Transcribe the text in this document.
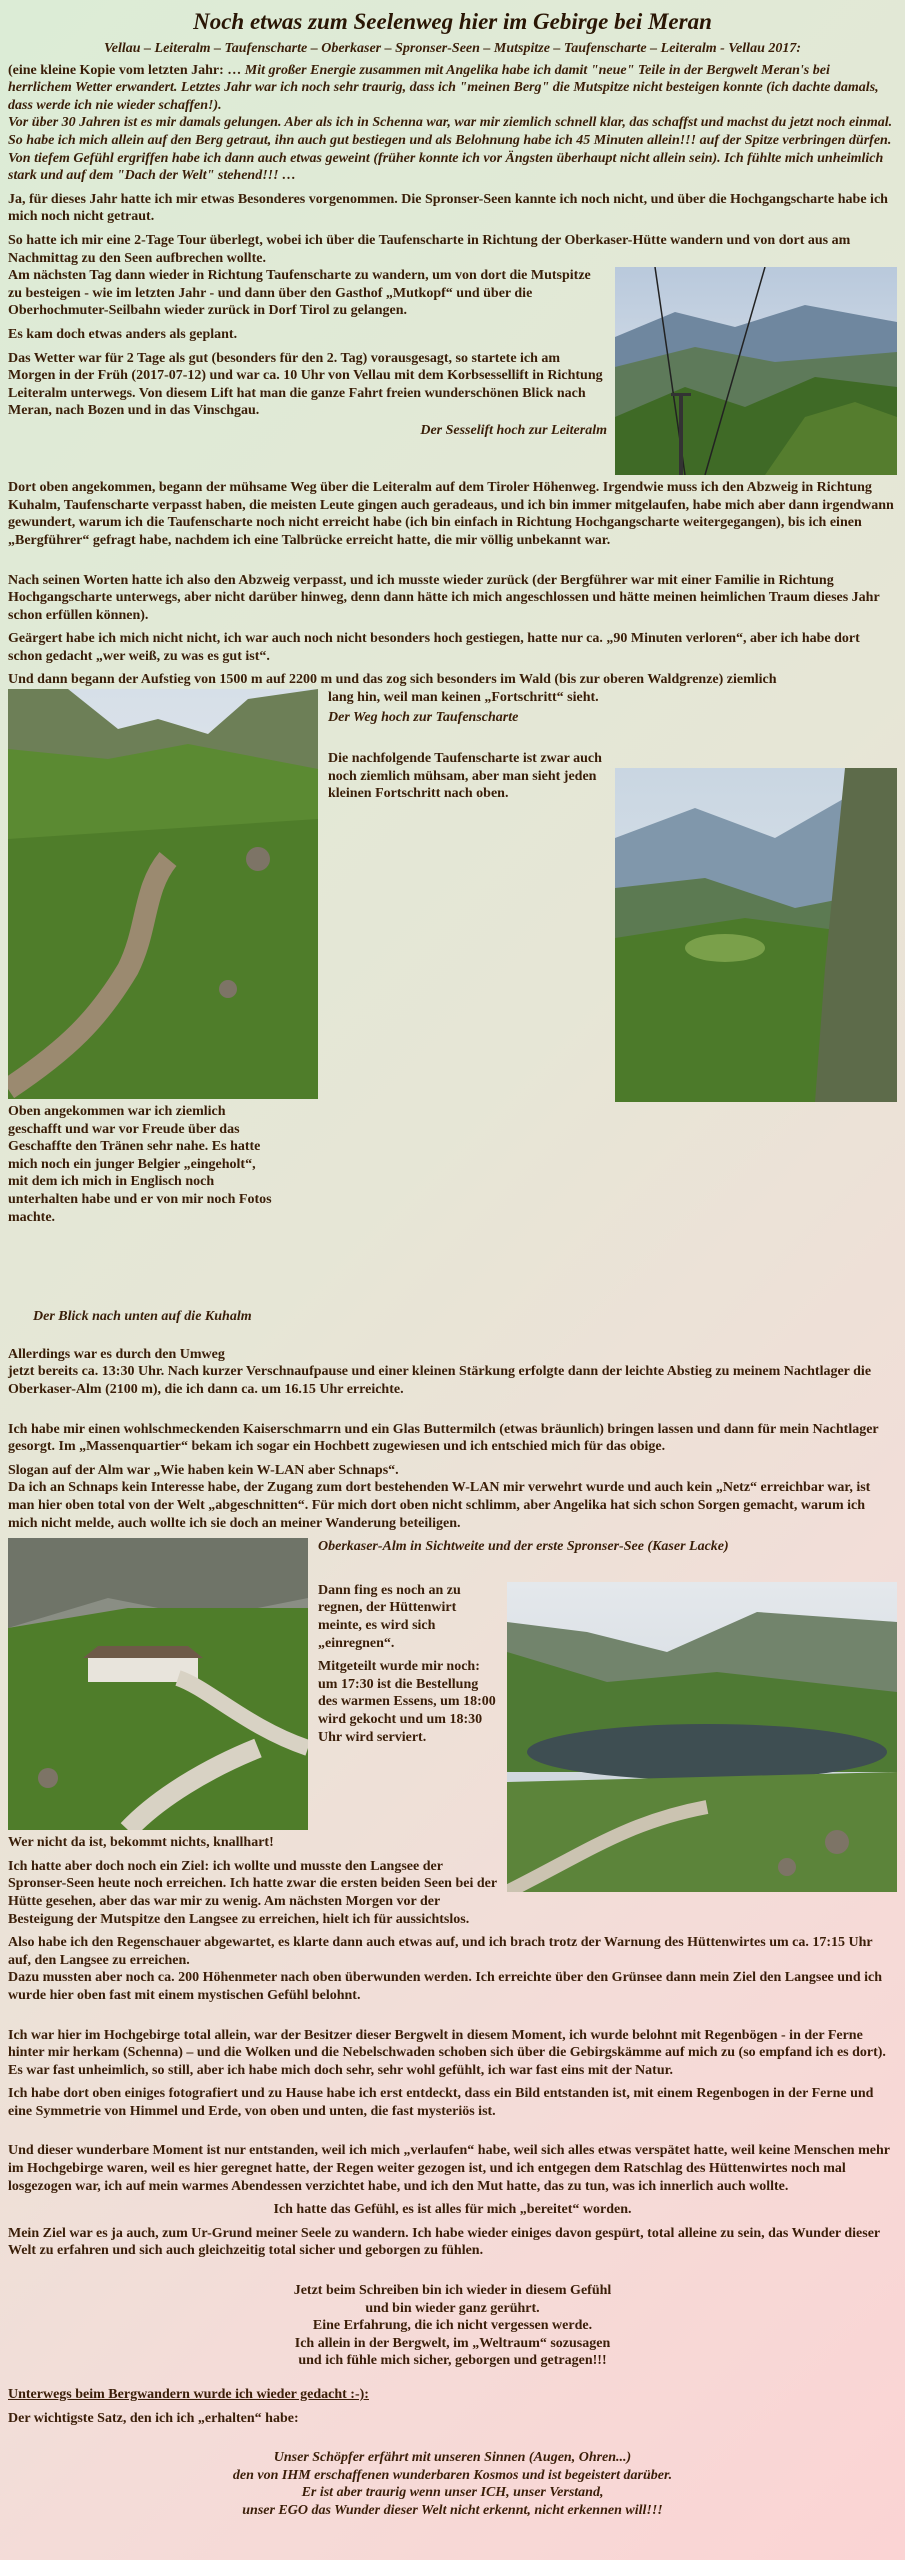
Noch etwas zum Seelenweg hier im Gebirge bei Meran
Vellau – Leiteralm – Taufenscharte – Oberkaser – Spronser-Seen – Mutspitze – Taufenscharte – Leiteralm - Vellau 2017:

(eine kleine Kopie vom letzten Jahr: … Mit großer Energie zusammen mit Angelika habe ich damit "neue" Teile in der Bergwelt Meran's bei herrlichem Wetter erwandert. Letztes Jahr war ich noch sehr traurig, dass ich "meinen Berg" die Mutspitze nicht besteigen konnte (ich dachte damals, dass werde ich nie wieder schaffen!).
Vor über 30 Jahren ist es mir damals gelungen. Aber als ich in Schenna war, war mir ziemlich schnell klar, das schaffst und machst du jetzt noch einmal.
So habe ich mich allein auf den Berg getraut, ihn auch gut bestiegen und als Belohnung habe ich 45 Minuten allein!!! auf der Spitze verbringen dürfen. Von tiefem Gefühl ergriffen habe ich dann auch etwas geweint (früher konnte ich vor Ängsten überhaupt nicht allein sein). Ich fühlte mich unheimlich stark und auf dem "Dach der Welt" stehend!!! …

Ja, für dieses Jahr hatte ich mir etwas Besonderes vorgenommen. Die Spronser-Seen kannte ich noch nicht, und über die Hochgangscharte habe ich mich noch nicht getraut.

So hatte ich mir eine 2-Tage Tour überlegt, wobei ich über die Taufenscharte in Richtung der Oberkaser-Hütte wandern und von dort aus am Nachmittag zu den Seen aufbrechen wollte.

Am nächsten Tag dann wieder in Richtung Taufenscharte zu wandern, um von dort die Mutspitze zu besteigen - wie im letzten Jahr - und dann über den Gasthof „Mutkopf“ und über die Oberhochmuter-Seilbahn wieder zurück in Dorf Tirol zu gelangen.

Es kam doch etwas anders als geplant.

Das Wetter war für 2 Tage als gut (besonders für den 2. Tag) vorausgesagt, so startete ich am Morgen in der Früh (2017-07-12) und war ca. 10 Uhr von Vellau mit dem Korbsessellift in Richtung Leiteralm unterwegs. Von diesem Lift hat man die ganze Fahrt freien wunderschönen Blick nach Meran, nach Bozen und in das Vinschgau.

Der Sesselift hoch zur Leiteralm

Dort oben angekommen, begann der mühsame Weg über die Leiteralm auf dem Tiroler Höhenweg. Irgendwie muss ich den Abzweig in Richtung Kuhalm, Taufenscharte verpasst haben, die meisten Leute gingen auch geradeaus, und ich bin immer mitgelaufen, habe mich aber dann irgendwann gewundert, warum ich die Taufenscharte noch nicht erreicht habe (ich bin einfach in Richtung Hochgangscharte weitergegangen), bis ich einen „Bergführer“ gefragt habe, nachdem ich eine Talbrücke erreicht hatte, die mir völlig unbekannt war.

Nach seinen Worten hatte ich also den Abzweig verpasst, und ich musste wieder zurück (der Bergführer war mit einer Familie in Richtung Hochgangscharte unterwegs, aber nicht darüber hinweg, denn dann hätte ich mich angeschlossen und hätte meinen heimlichen Traum dieses Jahr schon erfüllen können).

Geärgert habe ich mich nicht nicht, ich war auch noch nicht besonders hoch gestiegen, hatte nur ca. „90 Minuten verloren“, aber ich habe dort schon gedacht „wer weiß, zu was es gut ist“.

Und dann begann der Aufstieg von 1500 m auf 2200 m und das zog sich besonders im Wald (bis zur oberen Waldgrenze) ziemlich

lang hin, weil man keinen „Fortschritt“ sieht.

Der Weg hoch zur Taufenscharte

Die nachfolgende Taufenscharte ist zwar auch noch ziemlich mühsam, aber man sieht jeden kleinen Fortschritt nach oben.

Oben angekommen war ich ziemlich geschafft und war vor Freude über das Geschaffte den Tränen sehr nahe. Es hatte mich noch ein junger Belgier „eingeholt“, mit dem ich mich in Englisch noch unterhalten habe und er von mir noch Fotos machte.

Der Blick nach unten auf die Kuhalm

Allerdings war es durch den Umweg

jetzt bereits ca. 13:30 Uhr. Nach kurzer Verschnaufpause und einer kleinen Stärkung erfolgte dann der leichte Abstieg zu meinem Nachtlager die Oberkaser-Alm (2100 m), die ich dann ca. um 16.15 Uhr erreichte.

Ich habe mir einen wohlschmeckenden Kaiserschmarrn und ein Glas Buttermilch (etwas bräunlich) bringen lassen und dann für mein Nachtlager gesorgt. Im „Massenquartier“ bekam ich sogar ein Hochbett zugewiesen und ich entschied mich für das obige.

Slogan auf der Alm war „Wie haben kein W-LAN aber Schnaps“.

Da ich an Schnaps kein Interesse habe, der Zugang zum dort bestehenden W-LAN mir verwehrt wurde und auch kein „Netz“ erreichbar war, ist man hier oben total von der Welt „abgeschnitten“. Für mich dort oben nicht schlimm, aber Angelika hat sich schon Sorgen gemacht, warum ich mich nicht melde, auch wollte ich sie doch an meiner Wanderung beteiligen.

Oberkaser-Alm in Sichtweite und der erste Spronser-See (Kaser Lacke)

Dann fing es noch an zu regnen, der Hüttenwirt meinte, es wird sich „einregnen“.

Mitgeteilt wurde mir noch: um 17:30 ist die Bestellung des warmen Essens, um 18:00 wird gekocht und um 18:30 Uhr wird serviert.

Wer nicht da ist, bekommt nichts, knallhart!

Ich hatte aber doch noch ein Ziel: ich wollte und musste den Langsee der Spronser-Seen heute noch erreichen. Ich hatte zwar die ersten beiden Seen bei der Hütte gesehen, aber das war mir zu wenig. Am nächsten Morgen vor der Besteigung der Mutspitze den Langsee zu erreichen, hielt ich für aussichtslos.

Also habe ich den Regenschauer abgewartet, es klarte dann auch etwas auf, und ich brach trotz der Warnung des Hüttenwirtes um ca. 17:15 Uhr auf, den Langsee zu erreichen.

Dazu mussten aber noch ca. 200 Höhenmeter nach oben überwunden werden. Ich erreichte über den Grünsee dann mein Ziel den Langsee und ich wurde hier oben fast mit einem mystischen Gefühl belohnt.

Ich war hier im Hochgebirge total allein, war der Besitzer dieser Bergwelt in diesem Moment, ich wurde belohnt mit Regenbögen - in der Ferne hinter mir herkam (Schenna) – und die Wolken und die Nebelschwaden schoben sich über die Gebirgskämme auf mich zu (so empfand ich es dort). Es war fast unheimlich, so still, aber ich habe mich doch sehr, sehr wohl gefühlt, ich war fast eins mit der Natur.

Ich habe dort oben einiges fotografiert und zu Hause habe ich erst entdeckt, dass ein Bild entstanden ist, mit einem Regenbogen in der Ferne und eine Symmetrie von Himmel und Erde, von oben und unten, die fast mysteriös ist.

Und dieser wunderbare Moment ist nur entstanden, weil ich mich „verlaufen“ habe, weil sich alles etwas verspätet hatte, weil keine Menschen mehr im Hochgebirge waren, weil es hier geregnet hatte, der Regen weiter gezogen ist, und ich entgegen dem Ratschlag des Hüttenwirtes noch mal losgezogen war, ich auf mein warmes Abendessen verzichtet habe, und ich den Mut hatte, das zu tun, was ich innerlich auch wollte.

Ich hatte das Gefühl, es ist alles für mich „bereitet“ worden.

Mein Ziel war es ja auch, zum Ur-Grund meiner Seele zu wandern. Ich habe wieder einiges davon gespürt, total alleine zu sein, das Wunder dieser Welt zu erfahren und sich auch gleichzeitig total sicher und geborgen zu fühlen.

Jetzt beim Schreiben bin ich wieder in diesem Gefühl
und bin wieder ganz gerührt.
Eine Erfahrung, die ich nicht vergessen werde.
Ich allein in der Bergwelt, im „Weltraum“ sozusagen
und ich fühle mich sicher, geborgen und getragen!!!

Unterwegs beim Bergwandern wurde ich wieder gedacht :-):

Der wichtigste Satz, den ich ich „erhalten“ habe:

Unser Schöpfer erfährt mit unseren Sinnen (Augen, Ohren...)
den von IHM erschaffenen wunderbaren Kosmos und ist begeistert darüber.
Er ist aber traurig wenn unser ICH, unser Verstand,
unser EGO das Wunder dieser Welt nicht erkennt, nicht erkennen will!!!
